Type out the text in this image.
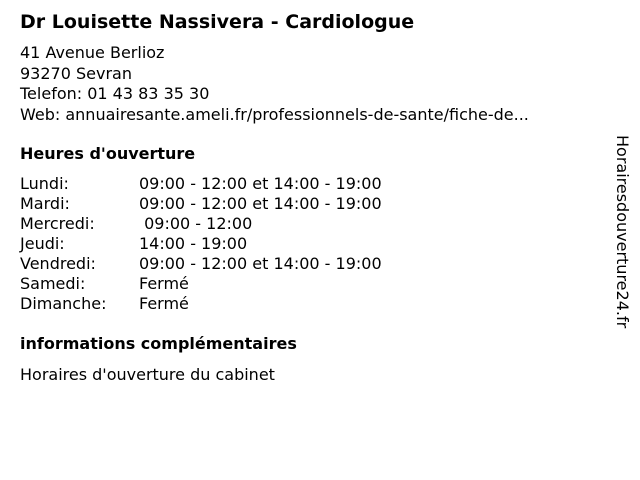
Dr Louisette Nassivera - Cardiologue
41 Avenue Berlioz
93270 Sevran
Telefon: 01 43 83 35 30
Web: annuairesante.ameli.fr/professionnels-de-sante/fiche-de...
Heures d'ouverture
Lundi:	09:00 - 12:00 et 14:00 - 19:00
Mardi:	09:00 - 12:00 et 14:00 - 19:00
Mercredi:	09:00 - 12:00
Jeudi:	14:00 - 19:00
Vendredi:	09:00 - 12:00 et 14:00 - 19:00
Samedi:	Fermé
Dimanche: Fermé
informations complémentaires
Horaires d'ouverture du cabinet
Horairesdouverture24.fr
